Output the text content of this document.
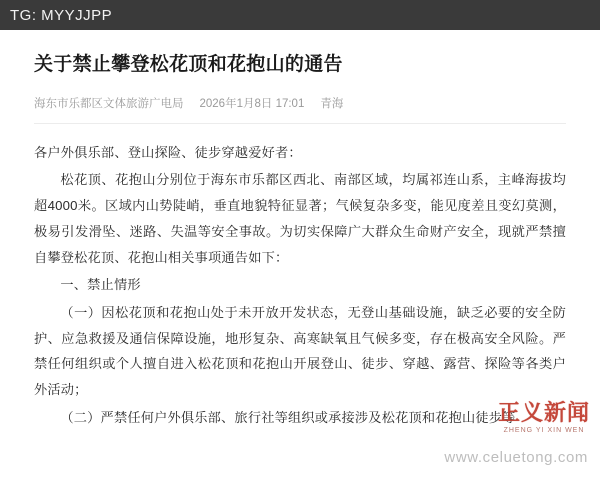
TG: MYYJJPP
关于禁止攀登松花顶和花抱山的通告
海东市乐都区文体旅游广电局 2026年1月8日 17:01 青海

各户外俱乐部、登山探险、徒步穿越爱好者：

松花顶、花抱山分别位于海东市乐都区西北、南部区域，均属祁连山系，主峰海拔均超4000米。区域内山势陡峭，垂直地貌特征显著；气候复杂多变，能见度差且变幻莫测，极易引发滑坠、迷路、失温等安全事故。为切实保障广大群众生命财产安全，现就严禁擅自攀登松花顶、花抱山相关事项通告如下：

一、禁止情形

（一）因松花顶和花抱山处于未开放开发状态，无登山基础设施，缺乏必要的安全防护、应急救援及通信保障设施，地形复杂、高寒缺氧且气候多变，存在极高安全风险。严禁任何组织或个人擅自进入松花顶和花抱山开展登山、徒步、穿越、露营、探险等各类户外活动；

（二）严禁任何户外俱乐部、旅行社等组织或承接涉及松花顶和花抱山徒步等

正义新闻
ZHENG YI XIN WEN
www.celuetong.com
